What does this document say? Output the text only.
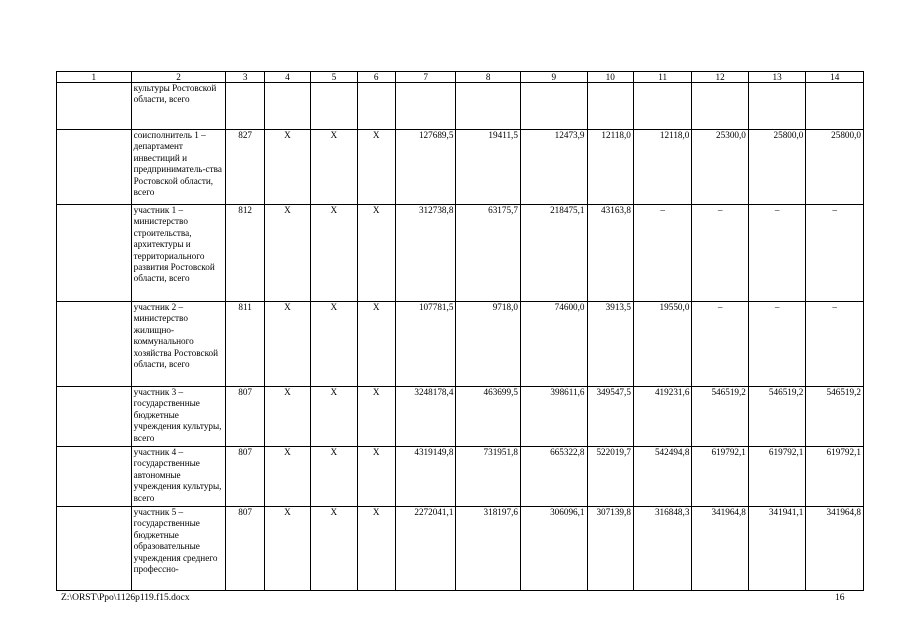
1	2	3	4	5	6	7	8	9	10	11	12	13	14
	культуры Ростовской области, всего												
	соисполнитель 1 – департамент инвестиций и предприниматель-ства Ростовской области, всего	827	Х	Х	Х	127689,5	19411,5	12473,9	12118,0	12118,0	25300,0	25800,0	25800,0
	участник 1 – министерство строительства, архитектуры и территориального развития Ростовской области, всего	812	Х	Х	Х	312738,8	63175,7	218475,1	43163,8	–	–	–	–
	участник 2 – министерство жилищно-коммунального хозяйства Ростовской области, всего	811	Х	Х	Х	107781,5	9718,0	74600,0	3913,5	19550,0	–	–	–
	участник 3 – государственные бюджетные учреждения культуры, всего	807	Х	Х	Х	3248178,4	463699,5	398611,6	349547,5	419231,6	546519,2	546519,2	546519,2
	участник 4 – государственные автономные учреждения культуры, всего	807	Х	Х	Х	4319149,8	731951,8	665322,8	522019,7	542494,8	619792,1	619792,1	619792,1
	участник 5 – государственные бюджетные образовательные учреждения среднего профессно-	807	Х	Х	Х	2272041,1	318197,6	306096,1	307139,8	316848,3	341964,8	341941,1	341964,8
Z:\ORST\Ppo\1126p119.f15.docx	16
